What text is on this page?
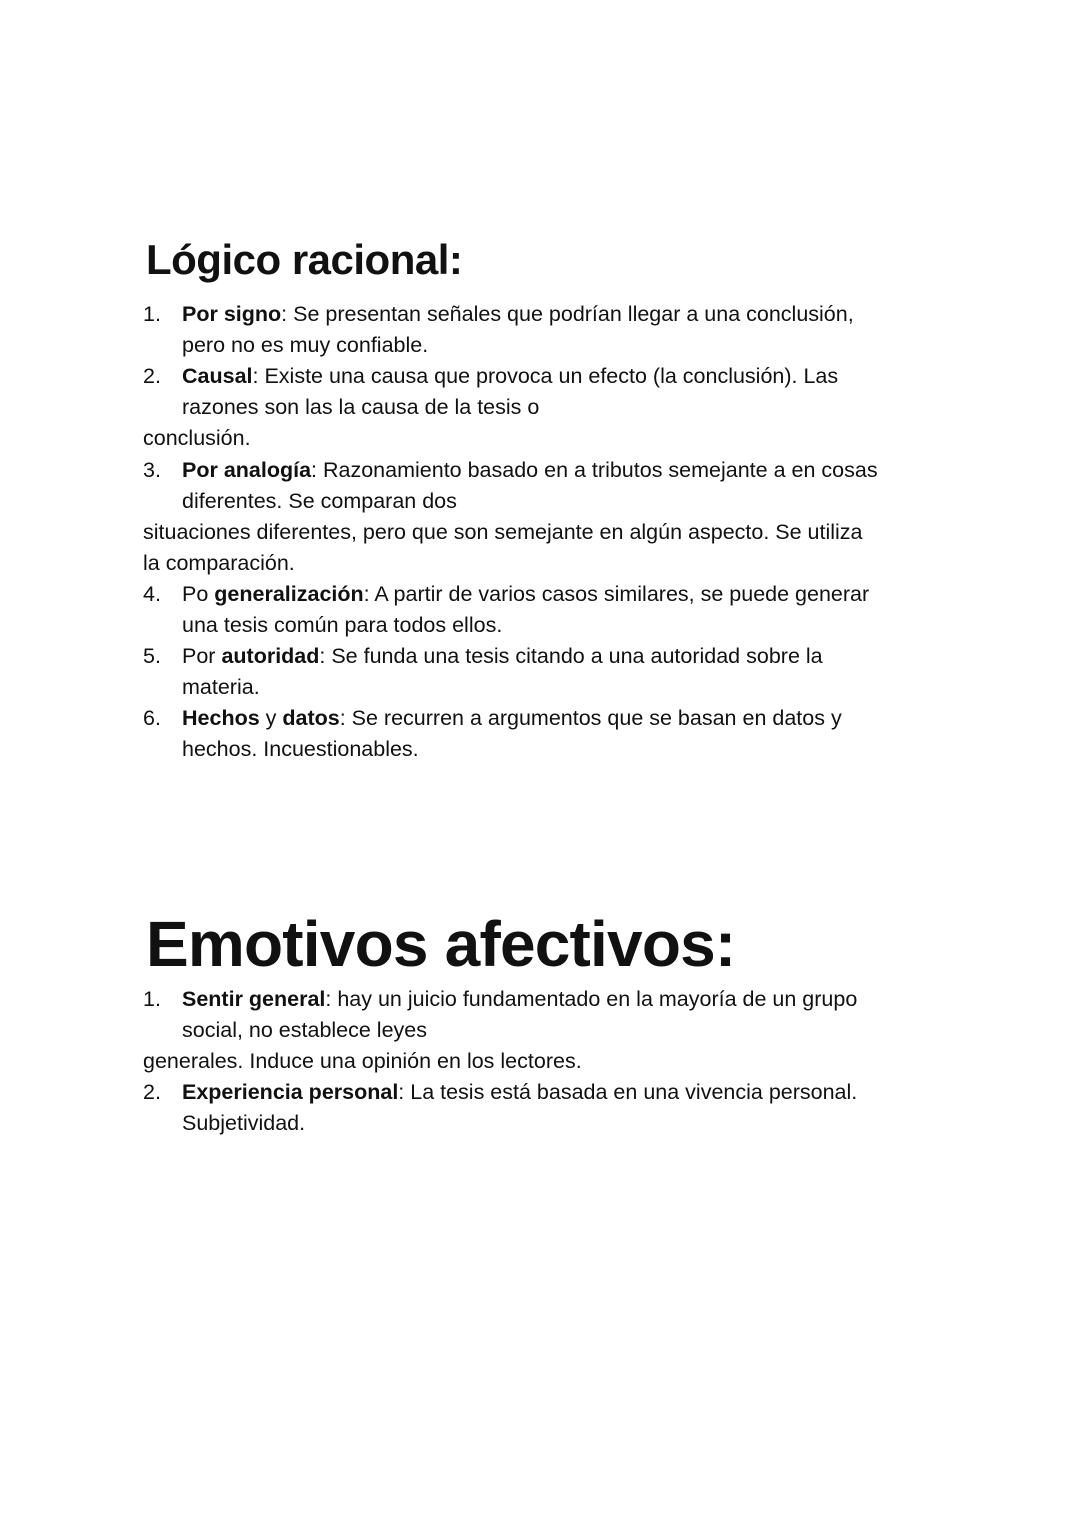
Lógico racional:
Emotivos afectivos:
1. Por signo: Se presentan señales que podrían llegar a una conclusión,
pero no es muy confiable.
2. Causal: Existe una causa que provoca un efecto (la conclusión). Las
razones son las la causa de la tesis o
conclusión.
3. Por analogía: Razonamiento basado en a tributos semejante a en cosas
diferentes. Se comparan dos
situaciones diferentes, pero que son semejante en algún aspecto. Se utiliza
la comparación.
4. Po generalización: A partir de varios casos similares, se puede generar
una tesis común para todos ellos.
5. Por autoridad: Se funda una tesis citando a una autoridad sobre la
materia.
6. Hechos y datos: Se recurren a argumentos que se basan en datos y
hechos. Incuestionables.
1. Sentir general: hay un juicio fundamentado en la mayoría de un grupo
social, no establece leyes
generales. Induce una opinión en los lectores.
2. Experiencia personal: La tesis está basada en una vivencia personal.
Subjetividad.
